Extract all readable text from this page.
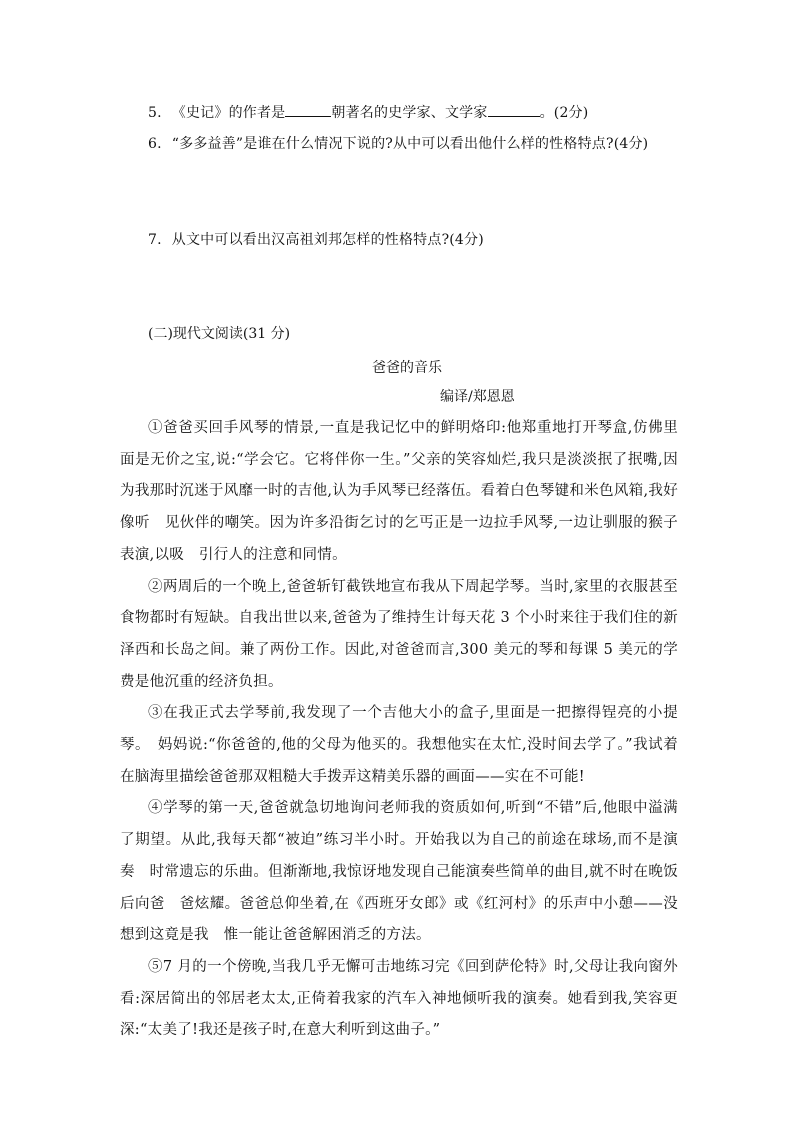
5. 《史记》的作者是	朝著名的史学家、文学家	。(2分)
6. “多多益善”是谁在什么情况下说的?从中可以看出他什么样的性格特点?(4分)
7. 从文中可以看出汉高祖刘邦怎样的性格特点?(4分)
(二)现代文阅读(31 分)
爸爸的音乐
编译/郑恩恩

①爸爸买回手风琴的情景,一直是我记忆中的鲜明烙印:他郑重地打开琴盒,仿佛里面是无价之宝,说:“学会它。它将伴你一生。”父亲的笑容灿烂,我只是淡淡抿了抿嘴,因为我那时沉迷于风靡一时的吉他,认为手风琴已经落伍。看着白色琴键和米色风箱,我好像听　见伙伴的嘲笑。因为许多沿街乞讨的乞丐正是一边拉手风琴,一边让驯服的猴子表演,以吸　引行人的注意和同情。

②两周后的一个晚上,爸爸斩钉截铁地宣布我从下周起学琴。当时,家里的衣服甚至食物都时有短缺。自我出世以来,爸爸为了维持生计每天花 3 个小时来往于我们住的新泽西和长岛之间。兼了两份工作。因此,对爸爸而言,300 美元的琴和每课 5 美元的学费是他沉重的经济负担。

③在我正式去学琴前,我发现了一个吉他大小的盒子,里面是一把擦得锃亮的小提琴。　妈妈说:“你爸爸的,他的父母为他买的。我想他实在太忙,没时间去学了。”我试着在脑海里描绘爸爸那双粗糙大手拨弄这精美乐器的画面——实在不可能!

④学琴的第一天,爸爸就急切地询问老师我的资质如何,听到“不错”后,他眼中溢满　了期望。从此,我每天都“被迫”练习半小时。开始我以为自己的前途在球场,而不是演奏　时常遗忘的乐曲。但渐渐地,我惊讶地发现自己能演奏些简单的曲目,就不时在晚饭后向爸　爸炫耀。爸爸总仰坐着,在《西班牙女郎》或《红河村》的乐声中小憩——没想到这竟是我　惟一能让爸爸解困消乏的方法。

⑤7 月的一个傍晚,当我几乎无懈可击地练习完《回到萨伦特》时,父母让我向窗外看:深居简出的邻居老太太,正倚着我家的汽车入神地倾听我的演奏。她看到我,笑容更深:“太美了!我还是孩子时,在意大利听到这曲子。”
